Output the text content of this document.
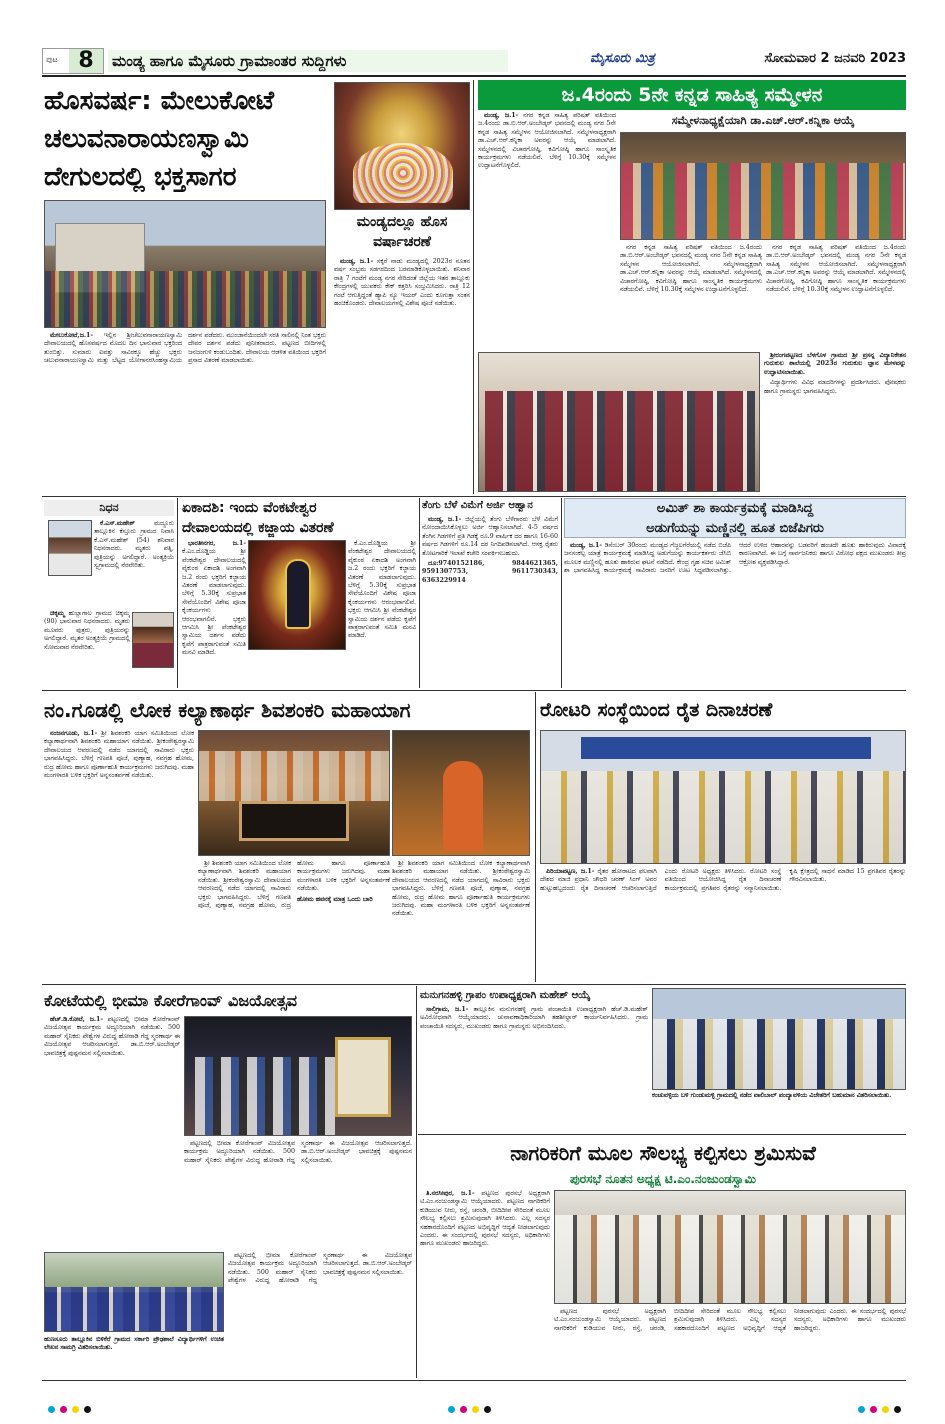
ಪುಟ 8	ಮಂಡ್ಯ ಹಾಗೂ ಮೈಸೂರು ಗ್ರಾಮಾಂತರ ಸುದ್ದಿಗಳು	ಮೈಸೂರು ಮಿತ್ರ	ಸೋಮವಾರ 2 ಜನವರಿ 2023
ಹೊಸವರ್ಷ: ಮೇಲುಕೋಟೆ
ಚಲುವನಾರಾಯಣಸ್ವಾಮಿ
ದೇಗುಲದಲ್ಲಿ ಭಕ್ತಸಾಗರ

ಮೇಲುಕೋಟೆ,ಜ.1- ಇಲ್ಲಿನ ಶ್ರೀಚೆಲುವನಾರಾಯಣಸ್ವಾಮಿ ದೇವಾಲಯದಲ್ಲಿ ಹೊಸವರ್ಷದ ಮೊದಲ ದಿನ ಭಾನುವಾರ ಭಕ್ತರಿಂದ ತುಂಬಿತ್ತು. ಸುಮಾರು ಐವತ್ತು ಸಾವಿರಕ್ಕೂ ಹೆಚ್ಚು ಭಕ್ತರು ಚಲುವನಾರಾಯಣಸ್ವಾಮಿ ಮತ್ತು ಬೆಟ್ಟದ ಯೋಗಾನರಸಿಂಹಸ್ವಾಮಿಯ ದರ್ಶನ ಪಡೆದರು. ಮುಂಜಾನೆಯಿಂದಲೇ ಸರತಿ ಸಾಲಿನಲ್ಲಿ ನಿಂತ ಭಕ್ತರು ದೇವರ ದರ್ಶನ ಪಡೆದು ಪುನೀತರಾದರು. ಪಟ್ಟಣದ ಬೀದಿಗಳಲ್ಲಿ ಜನಜಂಗುಳಿ ಕಂಡುಬಂದಿತು. ದೇವಾಲಯ ಆಡಳಿತ ವತಿಯಿಂದ ಭಕ್ತರಿಗೆ ಪ್ರಸಾದ ವಿತರಣೆ ಮಾಡಲಾಯಿತು.

ಮಂಡ್ಯದಲ್ಲೂ ಹೊಸ
ವರ್ಷಾಚರಣೆ

ಮಂಡ್ಯ, ಜ.1- ಸಕ್ಕರೆ ನಾಡು ಮಂಡ್ಯದಲ್ಲಿ 2023ರ ನೂತನ ವರ್ಷ ಸಂಭ್ರಮ ಸಡಗರದಿಂದ ಬರಮಾಡಿಕೊಳ್ಳಲಾಯಿತು. ಶನಿವಾರ ರಾತ್ರಿ 7 ಗಂಟೆಗೆ ಮಂಡ್ಯ ನಗರ ಸೇರಿದಂತೆ ಜಿಲ್ಲೆಯ ಇತರ ತಾಲ್ಲೂಕು ಕೇಂದ್ರಗಳಲ್ಲಿ ಯುವಕರು ಕೇಕ್ ಕತ್ತರಿಸಿ ಸಂಭ್ರಮಿಸಿದರು. ರಾತ್ರಿ 12 ಗಂಟೆ ಆಗುತ್ತಿದ್ದಂತೆ ಹ್ಯಾಪಿ ನ್ಯೂ ಇಯರ್ ಎಂದು ಕೂಗುತ್ತಾ ಸಂತಸ ಹಂಚಿಕೊಂಡರು. ದೇವಾಲಯಗಳಲ್ಲಿ ವಿಶೇಷ ಪೂಜೆ ನಡೆಯಿತು.

ಜ.4ರಂದು 5ನೇ ಕನ್ನಡ ಸಾಹಿತ್ಯ ಸಮ್ಮೇಳನ
ಸಮ್ಮೇಳನಾಧ್ಯಕ್ಷೆಯಾಗಿ ಡಾ.ಎಚ್.ಆರ್.ಕನ್ನಿಕಾ ಆಯ್ಕೆ

ಮಂಡ್ಯ, ಜ.1- ನಗರ ಕನ್ನಡ ಸಾಹಿತ್ಯ ಪರಿಷತ್ ವತಿಯಿಂದ ಜ.4ರಂದು ಡಾ.ಬಿ.ಆರ್.ಅಂಬೇಡ್ಕರ್ ಭವನದಲ್ಲಿ ಮಂಡ್ಯ ನಗರ 5ನೇ ಕನ್ನಡ ಸಾಹಿತ್ಯ ಸಮ್ಮೇಳನ ಆಯೋಜಿಸಲಾಗಿದೆ. ಸಮ್ಮೇಳನಾಧ್ಯಕ್ಷರಾಗಿ ಡಾ.ಎಚ್.ಆರ್.ಕನ್ನಿಕಾ ಅವರನ್ನು ಆಯ್ಕೆ ಮಾಡಲಾಗಿದೆ. ಸಮ್ಮೇಳನದಲ್ಲಿ ವಿಚಾರಗೋಷ್ಠಿ, ಕವಿಗೋಷ್ಠಿ ಹಾಗೂ ಸಾಂಸ್ಕೃತಿಕ ಕಾರ್ಯಕ್ರಮಗಳು ನಡೆಯಲಿವೆ. ಬೆಳಿಗ್ಗೆ 10.30ಕ್ಕೆ ಸಮ್ಮೇಳನ ಉದ್ಘಾಟನೆಗೊಳ್ಳಲಿದೆ.

ನಗರ ಕನ್ನಡ ಸಾಹಿತ್ಯ ಪರಿಷತ್ ವತಿಯಿಂದ ಜ.4ರಂದು ಡಾ.ಬಿ.ಆರ್.ಅಂಬೇಡ್ಕರ್ ಭವನದಲ್ಲಿ ಮಂಡ್ಯ ನಗರ 5ನೇ ಕನ್ನಡ ಸಾಹಿತ್ಯ ಸಮ್ಮೇಳನ ಆಯೋಜಿಸಲಾಗಿದೆ. ಸಮ್ಮೇಳನಾಧ್ಯಕ್ಷರಾಗಿ ಡಾ.ಎಚ್.ಆರ್.ಕನ್ನಿಕಾ ಅವರನ್ನು ಆಯ್ಕೆ ಮಾಡಲಾಗಿದೆ. ಸಮ್ಮೇಳನದಲ್ಲಿ ವಿಚಾರಗೋಷ್ಠಿ, ಕವಿಗೋಷ್ಠಿ ಹಾಗೂ ಸಾಂಸ್ಕೃತಿಕ ಕಾರ್ಯಕ್ರಮಗಳು ನಡೆಯಲಿವೆ. ಬೆಳಿಗ್ಗೆ 10.30ಕ್ಕೆ ಸಮ್ಮೇಳನ ಉದ್ಘಾಟನೆಗೊಳ್ಳಲಿದೆ.

ನಗರ ಕನ್ನಡ ಸಾಹಿತ್ಯ ಪರಿಷತ್ ವತಿಯಿಂದ ಜ.4ರಂದು ಡಾ.ಬಿ.ಆರ್.ಅಂಬೇಡ್ಕರ್ ಭವನದಲ್ಲಿ ಮಂಡ್ಯ ನಗರ 5ನೇ ಕನ್ನಡ ಸಾಹಿತ್ಯ ಸಮ್ಮೇಳನ ಆಯೋಜಿಸಲಾಗಿದೆ. ಸಮ್ಮೇಳನಾಧ್ಯಕ್ಷರಾಗಿ ಡಾ.ಎಚ್.ಆರ್.ಕನ್ನಿಕಾ ಅವರನ್ನು ಆಯ್ಕೆ ಮಾಡಲಾಗಿದೆ. ಸಮ್ಮೇಳನದಲ್ಲಿ ವಿಚಾರಗೋಷ್ಠಿ, ಕವಿಗೋಷ್ಠಿ ಹಾಗೂ ಸಾಂಸ್ಕೃತಿಕ ಕಾರ್ಯಕ್ರಮಗಳು ನಡೆಯಲಿವೆ. ಬೆಳಿಗ್ಗೆ 10.30ಕ್ಕೆ ಸಮ್ಮೇಳನ ಉದ್ಘಾಟನೆಗೊಳ್ಳಲಿದೆ.

ಶ್ರೀರಂಗಪಟ್ಟಣದ ಬೆಳಗೊಳ ಗ್ರಾಮದ ಶ್ರೀ ಪ್ರಸನ್ನ ವಿದ್ಯಾನಿಕೇತನ ಗುರುಕುಲ ಶಾಲೆಯಲ್ಲಿ 2023ರ ಗುರುಕುಲ ಜ್ಞಾನ ಮೇಳವನ್ನು ಉದ್ಘಾಟಿಸಲಾಯಿತು.

ವಿದ್ಯಾರ್ಥಿಗಳು ವಿವಿಧ ಮಾದರಿಗಳನ್ನು ಪ್ರದರ್ಶಿಸಿದರು. ಪೋಷಕರು ಹಾಗೂ ಗ್ರಾಮಸ್ಥರು ಭಾಗವಹಿಸಿದ್ದರು.

ನಿಧನ

ಕೆ.ಎಸ್.ಮಹೇಶ್	ಮದ್ದೂರು ತಾಲ್ಲೂಕಿನ ಕೆಸ್ತೂರು ಗ್ರಾಮದ ನಿವಾಸಿ ಕೆ.ಎಸ್.ಮಹೇಶ್ (54) ಶನಿವಾರ ನಿಧನರಾದರು. ಮೃತರು ಪತ್ನಿ, ಪುತ್ರಿಯನ್ನು ಅಗಲಿದ್ದಾರೆ. ಅಂತ್ಯಕ್ರಿಯೆ ಸ್ವಗ್ರಾಮದಲ್ಲಿ ನೆರವೇರಿತು.

ಚಿಕ್ಕಮ್ಮ ಹುಲ್ಲಾಗಾಲ ಗ್ರಾಮದ ಚಿಕ್ಕಮ್ಮ (90) ಭಾನುವಾರ ನಿಧನರಾದರು. ಮೃತರು ಮೂವರು ಪುತ್ರರು, ಪುತ್ರಿಯರನ್ನು ಅಗಲಿದ್ದಾರೆ. ಮೃತರ ಅಂತ್ಯಕ್ರಿಯೆ ಗ್ರಾಮದಲ್ಲಿ ಸೋಮವಾರ ನೆರವೇರಿತು.

ಏಕಾದಶಿ: ಇಂದು ವೆಂಕಟೇಶ್ವರ
ದೇವಾಲಯದಲ್ಲಿ ಕಜ್ಜಾಯ ವಿತರಣೆ

ಭಾರತೀನಗರ, ಜ.1- ಕೆ.ಎಂ.ದೊಡ್ಡಿಯ ಶ್ರೀ ವೆಂಕಟೇಶ್ವರ ದೇವಾಲಯದಲ್ಲಿ ವೈಕುಂಠ ಏಕಾದಶಿ ಅಂಗವಾಗಿ ಜ.2 ರಂದು ಭಕ್ತರಿಗೆ ಕಜ್ಜಾಯ ವಿತರಣೆ ಮಾಡಲಾಗುವುದು. ಬೆಳಿಗ್ಗೆ 5.30ಕ್ಕೆ ಸುಪ್ರಭಾತ ಸೇವೆಯೊಂದಿಗೆ ವಿಶೇಷ ಪೂಜಾ ಕೈಂಕರ್ಯಗಳು ಆರಂಭವಾಗಲಿವೆ. ಭಕ್ತರು ಆಗಮಿಸಿ ಶ್ರೀ ವೆಂಕಟೇಶ್ವರ ಸ್ವಾಮಿಯ ದರ್ಶನ ಪಡೆದು ಕೃಪೆಗೆ ಪಾತ್ರರಾಗುವಂತೆ ಸಮಿತಿ ಮನವಿ ಮಾಡಿದೆ.

ಕೆ.ಎಂ.ದೊಡ್ಡಿಯ ಶ್ರೀ ವೆಂಕಟೇಶ್ವರ ದೇವಾಲಯದಲ್ಲಿ ವೈಕುಂಠ ಏಕಾದಶಿ ಅಂಗವಾಗಿ ಜ.2 ರಂದು ಭಕ್ತರಿಗೆ ಕಜ್ಜಾಯ ವಿತರಣೆ ಮಾಡಲಾಗುವುದು. ಬೆಳಿಗ್ಗೆ 5.30ಕ್ಕೆ ಸುಪ್ರಭಾತ ಸೇವೆಯೊಂದಿಗೆ ವಿಶೇಷ ಪೂಜಾ ಕೈಂಕರ್ಯಗಳು ಆರಂಭವಾಗಲಿವೆ. ಭಕ್ತರು ಆಗಮಿಸಿ ಶ್ರೀ ವೆಂಕಟೇಶ್ವರ ಸ್ವಾಮಿಯ ದರ್ಶನ ಪಡೆದು ಕೃಪೆಗೆ ಪಾತ್ರರಾಗುವಂತೆ ಸಮಿತಿ ಮನವಿ ಮಾಡಿದೆ.

ತೆಂಗು ಬೆಳೆ ವಿಮೆಗೆ ಅರ್ಜಿ ಆಹ್ವಾನ

ಮಂಡ್ಯ, ಜ.1- ಜಿಲ್ಲೆಯಲ್ಲಿ ತೆಂಗು ಬೆಳೆಗಾರರು ಬೆಳೆ ವಿಮೆಗೆ ನೋಂದಾಯಿಸಿಕೊಳ್ಳಲು ಅರ್ಜಿ ಆಹ್ವಾನಿಸಲಾಗಿದೆ. 4-5 ವರ್ಷದ ತೆಂಗಿನ ಗಿಡಗಳಿಗೆ ಪ್ರತಿ ಗಿಡಕ್ಕೆ ರೂ.9 ವಾರ್ಷಿಕ ದರ ಹಾಗೂ 16-60 ವರ್ಷದ ಗಿಡಗಳಿಗೆ ರೂ.14 ದರ ನಿಗದಿಪಡಿಸಲಾಗಿದೆ. ಆಸಕ್ತ ರೈತರು ತೋಟಗಾರಿಕೆ ಇಲಾಖೆ ಕಚೇರಿ ಸಂಪರ್ಕಿಸಬಹುದು.

ದೂ:9740152186, 9844621365, 9591307753, 9611730343, 6363229914

ಅಮಿತ್ ಶಾ ಕಾರ್ಯಕ್ರಮಕ್ಕೆ ಮಾಡಿಸಿದ್ದ
ಅಡುಗೆಯನ್ನು ಮಣ್ಣಿನಲ್ಲಿ ಹೂತ ಬಿಜೆಪಿಗರು

ಮಂಡ್ಯ, ಜ.1- ಡಿಸೆಂಬರ್ 30ರಂದು ಮಂಡ್ಯದ ಗೆಜ್ಜಲಗೆರೆಯಲ್ಲಿ ನಡೆದ ಬಿಜೆಪಿ ಜನಸಂಕಲ್ಪ ಯಾತ್ರೆ ಕಾರ್ಯಕ್ರಮಕ್ಕೆ ಮಾಡಿಸಿದ್ದ ಅಡುಗೆಯನ್ನು ಕಾರ್ಯಕರ್ತರು ಜೆಸಿಬಿ ಮೂಲಕ ಮಣ್ಣಿನಲ್ಲಿ ಹೂತು ಹಾಕಿರುವ ಘಟನೆ ನಡೆದಿದೆ. ಕೇಂದ್ರ ಗೃಹ ಸಚಿವ ಅಮಿತ್ ಶಾ ಭಾಗವಹಿಸಿದ್ದ ಕಾರ್ಯಕ್ರಮಕ್ಕೆ ಸಾವಿರಾರು ಜನರಿಗೆ ಊಟ ಸಿದ್ಧಪಡಿಸಲಾಗಿತ್ತು. ಆದರೆ ಉಳಿದ ಆಹಾರವನ್ನು ಬಡವರಿಗೆ ಹಂಚದೇ ಹೂತು ಹಾಕಿರುವುದು ವಿವಾದಕ್ಕೆ ಕಾರಣವಾಗಿದೆ. ಈ ಬಗ್ಗೆ ಸಾರ್ವಜನಿಕರು ಹಾಗೂ ವಿರೋಧ ಪಕ್ಷದ ಮುಖಂಡರು ತೀವ್ರ ಆಕ್ರೋಶ ವ್ಯಕ್ತಪಡಿಸಿದ್ದಾರೆ.

ನಂ.ಗೂಡಲ್ಲಿ ಲೋಕ ಕಲ್ಯಾಣಾರ್ಥ ಶಿವಶಂಕರಿ ಮಹಾಯಾಗ

ನಂಜನಗೂಡು, ಜ.1- ಶ್ರೀ ಶಿವಶಂಕರಿ ಯಾಗ ಸಮಿತಿಯಿಂದ ಲೋಕ ಕಲ್ಯಾಣಾರ್ಥವಾಗಿ ಶಿವಶಂಕರಿ ಮಹಾಯಾಗ ನಡೆಯಿತು. ಶ್ರೀಕಂಠೇಶ್ವರಸ್ವಾಮಿ ದೇವಾಲಯದ ಆವರಣದಲ್ಲಿ ನಡೆದ ಯಾಗದಲ್ಲಿ ಸಾವಿರಾರು ಭಕ್ತರು ಭಾಗವಹಿಸಿದ್ದರು. ಬೆಳಿಗ್ಗೆ ಗಣಪತಿ ಪೂಜೆ, ಪುಣ್ಯಾಹ, ನವಗ್ರಹ ಹೋಮ, ರುದ್ರ ಹೋಮ ಹಾಗೂ ಪೂರ್ಣಾಹುತಿ ಕಾರ್ಯಕ್ರಮಗಳು ಜರುಗಿದವು. ಮಹಾ ಮಂಗಳಾರತಿ ಬಳಿಕ ಭಕ್ತರಿಗೆ ಅನ್ನಸಂತರ್ಪಣೆ ನಡೆಯಿತು.

ಶ್ರೀ ಶಿವಶಂಕರಿ ಯಾಗ ಸಮಿತಿಯಿಂದ ಲೋಕ ಕಲ್ಯಾಣಾರ್ಥವಾಗಿ ಶಿವಶಂಕರಿ ಮಹಾಯಾಗ ನಡೆಯಿತು. ಶ್ರೀಕಂಠೇಶ್ವರಸ್ವಾಮಿ ದೇವಾಲಯದ ಆವರಣದಲ್ಲಿ ನಡೆದ ಯಾಗದಲ್ಲಿ ಸಾವಿರಾರು ಭಕ್ತರು ಭಾಗವಹಿಸಿದ್ದರು. ಬೆಳಿಗ್ಗೆ ಗಣಪತಿ ಪೂಜೆ, ಪುಣ್ಯಾಹ, ನವಗ್ರಹ ಹೋಮ, ರುದ್ರ ಹೋಮ ಹಾಗೂ ಪೂರ್ಣಾಹುತಿ ಕಾರ್ಯಕ್ರಮಗಳು ಜರುಗಿದವು. ಮಹಾ ಮಂಗಳಾರತಿ ಬಳಿಕ ಭಕ್ತರಿಗೆ ಅನ್ನಸಂತರ್ಪಣೆ ನಡೆಯಿತು.

ಹೋಮ ಹವನಕ್ಕೆ ಮಾತ್ರ ಒಂದು ಬಾರಿ

ಶ್ರೀ ಶಿವಶಂಕರಿ ಯಾಗ ಸಮಿತಿಯಿಂದ ಲೋಕ ಕಲ್ಯಾಣಾರ್ಥವಾಗಿ ಶಿವಶಂಕರಿ ಮಹಾಯಾಗ ನಡೆಯಿತು. ಶ್ರೀಕಂಠೇಶ್ವರಸ್ವಾಮಿ ದೇವಾಲಯದ ಆವರಣದಲ್ಲಿ ನಡೆದ ಯಾಗದಲ್ಲಿ ಸಾವಿರಾರು ಭಕ್ತರು ಭಾಗವಹಿಸಿದ್ದರು. ಬೆಳಿಗ್ಗೆ ಗಣಪತಿ ಪೂಜೆ, ಪುಣ್ಯಾಹ, ನವಗ್ರಹ ಹೋಮ, ರುದ್ರ ಹೋಮ ಹಾಗೂ ಪೂರ್ಣಾಹುತಿ ಕಾರ್ಯಕ್ರಮಗಳು ಜರುಗಿದವು. ಮಹಾ ಮಂಗಳಾರತಿ ಬಳಿಕ ಭಕ್ತರಿಗೆ ಅನ್ನಸಂತರ್ಪಣೆ ನಡೆಯಿತು.

ರೋಟರಿ ಸಂಸ್ಥೆಯಿಂದ ರೈತ ದಿನಾಚರಣೆ

ಪಿರಿಯಾಪಟ್ಟಣ, ಜ.1- ರೈತರ ಹೋರಾಟದ ಫಲವಾಗಿ ದೇಶದ ಮಾಜಿ ಪ್ರಧಾನಿ ಚೌಧರಿ ಚರಣ್ ಸಿಂಗ್ ಅವರ ಹುಟ್ಟುಹಬ್ಬದಂದು ರೈತ ದಿನಾಚರಣೆ ಆಚರಿಸಲಾಗುತ್ತಿದೆ ಎಂದು ರೋಟರಿ ಅಧ್ಯಕ್ಷರು ತಿಳಿಸಿದರು. ರೋಟರಿ ಸಂಸ್ಥೆ ವತಿಯಿಂದ ಆಯೋಜಿಸಿದ್ದ ರೈತ ದಿನಾಚರಣೆ ಕಾರ್ಯಕ್ರಮದಲ್ಲಿ ಪ್ರಗತಿಪರ ರೈತರನ್ನು ಸನ್ಮಾನಿಸಲಾಯಿತು. ಕೃಷಿ ಕ್ಷೇತ್ರದಲ್ಲಿ ಸಾಧನೆ ಮಾಡಿದ 15 ಪ್ರಗತಿಪರ ರೈತರನ್ನು ಗೌರವಿಸಲಾಯಿತು.

ಕೋಟೆಯಲ್ಲಿ ಭೀಮಾ ಕೋರೆಗಾಂವ್ ವಿಜಯೋತ್ಸವ

ಹೆಚ್.ಡಿ.ಕೋಟೆ, ಜ.1- ಪಟ್ಟಣದಲ್ಲಿ ಭೀಮಾ ಕೋರೆಗಾಂವ್ ವಿಜಯೋತ್ಸವ ಕಾರ್ಯಕ್ರಮ ಅದ್ದೂರಿಯಾಗಿ ನಡೆಯಿತು. 500 ಮಹಾರ್ ಸೈನಿಕರು ಪೇಶ್ವೆಗಳ ವಿರುದ್ಧ ಹೋರಾಡಿ ಗೆದ್ದ ಸ್ಮರಣಾರ್ಥ ಈ ವಿಜಯೋತ್ಸವ ಆಚರಿಸಲಾಗುತ್ತದೆ. ಡಾ.ಬಿ.ಆರ್.ಅಂಬೇಡ್ಕರ್ ಭಾವಚಿತ್ರಕ್ಕೆ ಪುಷ್ಪನಮನ ಸಲ್ಲಿಸಲಾಯಿತು.

ಪಟ್ಟಣದಲ್ಲಿ ಭೀಮಾ ಕೋರೆಗಾಂವ್ ವಿಜಯೋತ್ಸವ ಕಾರ್ಯಕ್ರಮ ಅದ್ದೂರಿಯಾಗಿ ನಡೆಯಿತು. 500 ಮಹಾರ್ ಸೈನಿಕರು ಪೇಶ್ವೆಗಳ ವಿರುದ್ಧ ಹೋರಾಡಿ ಗೆದ್ದ ಸ್ಮರಣಾರ್ಥ ಈ ವಿಜಯೋತ್ಸವ ಆಚರಿಸಲಾಗುತ್ತದೆ. ಡಾ.ಬಿ.ಆರ್.ಅಂಬೇಡ್ಕರ್ ಭಾವಚಿತ್ರಕ್ಕೆ ಪುಷ್ಪನಮನ ಸಲ್ಲಿಸಲಾಯಿತು.

ಹುಣಸೂರು ತಾಲ್ಲೂಕಿನ ಬಿಳಿಕೆರೆ ಗ್ರಾಮದ ಸರ್ಕಾರಿ ಪ್ರೌಢಶಾಲೆ ವಿದ್ಯಾರ್ಥಿಗಳಿಗೆ ಉಚಿತ ಲೇಖನ ಸಾಮಗ್ರಿ ವಿತರಿಸಲಾಯಿತು.

ಪಟ್ಟಣದಲ್ಲಿ ಭೀಮಾ ಕೋರೆಗಾಂವ್ ವಿಜಯೋತ್ಸವ ಕಾರ್ಯಕ್ರಮ ಅದ್ದೂರಿಯಾಗಿ ನಡೆಯಿತು. 500 ಮಹಾರ್ ಸೈನಿಕರು ಪೇಶ್ವೆಗಳ ವಿರುದ್ಧ ಹೋರಾಡಿ ಗೆದ್ದ ಸ್ಮರಣಾರ್ಥ ಈ ವಿಜಯೋತ್ಸವ ಆಚರಿಸಲಾಗುತ್ತದೆ. ಡಾ.ಬಿ.ಆರ್.ಅಂಬೇಡ್ಕರ್ ಭಾವಚಿತ್ರಕ್ಕೆ ಪುಷ್ಪನಮನ ಸಲ್ಲಿಸಲಾಯಿತು.

ಮನುಗನಹಳ್ಳಿ ಗ್ರಾಪಂ ಉಪಾಧ್ಯಕ್ಷರಾಗಿ ಮಹೇಶ್ ಆಯ್ಕೆ

ಸಾಲಿಗ್ರಾಮ, ಜ.1- ತಾಲ್ಲೂಕಿನ ಮನುಗನಹಳ್ಳಿ ಗ್ರಾಮ ಪಂಚಾಯಿತಿ ಉಪಾಧ್ಯಕ್ಷರಾಗಿ ಹೆಚ್.ಡಿ.ಮಹೇಶ್ ಅವಿರೋಧವಾಗಿ ಆಯ್ಕೆಯಾದರು. ಚುನಾವಣಾಧಿಕಾರಿಯಾಗಿ ತಹಶೀಲ್ದಾರ್ ಕಾರ್ಯನಿರ್ವಹಿಸಿದರು. ಗ್ರಾಮ ಪಂಚಾಯಿತಿ ಸದಸ್ಯರು, ಮುಖಂಡರು ಹಾಗೂ ಗ್ರಾಮಸ್ಥರು ಅಭಿನಂದಿಸಿದರು.

ಕಂಚುವಳ್ಳಿಯ ಬಳಿ ಗುಂಡುಮಳ್ಳಿ ಗ್ರಾಮದಲ್ಲಿ ನಡೆದ ವಾಲಿಬಾಲ್ ಪಂದ್ಯಾವಳಿಯ ವಿಜೇತರಿಗೆ ಬಹುಮಾನ ವಿತರಿಸಲಾಯಿತು.

ನಾಗರಿಕರಿಗೆ ಮೂಲ ಸೌಲಭ್ಯ ಕಲ್ಪಿಸಲು ಶ್ರಮಿಸುವೆ
ಪುರಸಭೆ ನೂತನ ಅಧ್ಯಕ್ಷ ಟಿ.ಎಂ.ನಂಜುಂಡಸ್ವಾಮಿ

ತಿ.ನರಸೀಪುರ, ಜ.1- ಪಟ್ಟಣದ ಪುರಸಭೆ ಅಧ್ಯಕ್ಷರಾಗಿ ಟಿ.ಎಂ.ನಂಜುಂಡಸ್ವಾಮಿ ಆಯ್ಕೆಯಾದರು. ಪಟ್ಟಣದ ನಾಗರಿಕರಿಗೆ ಕುಡಿಯುವ ನೀರು, ರಸ್ತೆ, ಚರಂಡಿ, ಬೀದಿದೀಪ ಸೇರಿದಂತೆ ಮೂಲ ಸೌಲಭ್ಯ ಕಲ್ಪಿಸಲು ಶ್ರಮಿಸುವುದಾಗಿ ತಿಳಿಸಿದರು. ಎಲ್ಲ ಸದಸ್ಯರ ಸಹಕಾರದೊಂದಿಗೆ ಪಟ್ಟಣದ ಅಭಿವೃದ್ಧಿಗೆ ಆದ್ಯತೆ ನೀಡಲಾಗುವುದು ಎಂದರು. ಈ ಸಂದರ್ಭದಲ್ಲಿ ಪುರಸಭೆ ಸದಸ್ಯರು, ಅಧಿಕಾರಿಗಳು ಹಾಗೂ ಮುಖಂಡರು ಹಾಜರಿದ್ದರು.

ಪಟ್ಟಣದ ಪುರಸಭೆ ಅಧ್ಯಕ್ಷರಾಗಿ ಟಿ.ಎಂ.ನಂಜುಂಡಸ್ವಾಮಿ ಆಯ್ಕೆಯಾದರು. ಪಟ್ಟಣದ ನಾಗರಿಕರಿಗೆ ಕುಡಿಯುವ ನೀರು, ರಸ್ತೆ, ಚರಂಡಿ, ಬೀದಿದೀಪ ಸೇರಿದಂತೆ ಮೂಲ ಸೌಲಭ್ಯ ಕಲ್ಪಿಸಲು ಶ್ರಮಿಸುವುದಾಗಿ ತಿಳಿಸಿದರು. ಎಲ್ಲ ಸದಸ್ಯರ ಸಹಕಾರದೊಂದಿಗೆ ಪಟ್ಟಣದ ಅಭಿವೃದ್ಧಿಗೆ ಆದ್ಯತೆ ನೀಡಲಾಗುವುದು ಎಂದರು. ಈ ಸಂದರ್ಭದಲ್ಲಿ ಪುರಸಭೆ ಸದಸ್ಯರು, ಅಧಿಕಾರಿಗಳು ಹಾಗೂ ಮುಖಂಡರು ಹಾಜರಿದ್ದರು.
